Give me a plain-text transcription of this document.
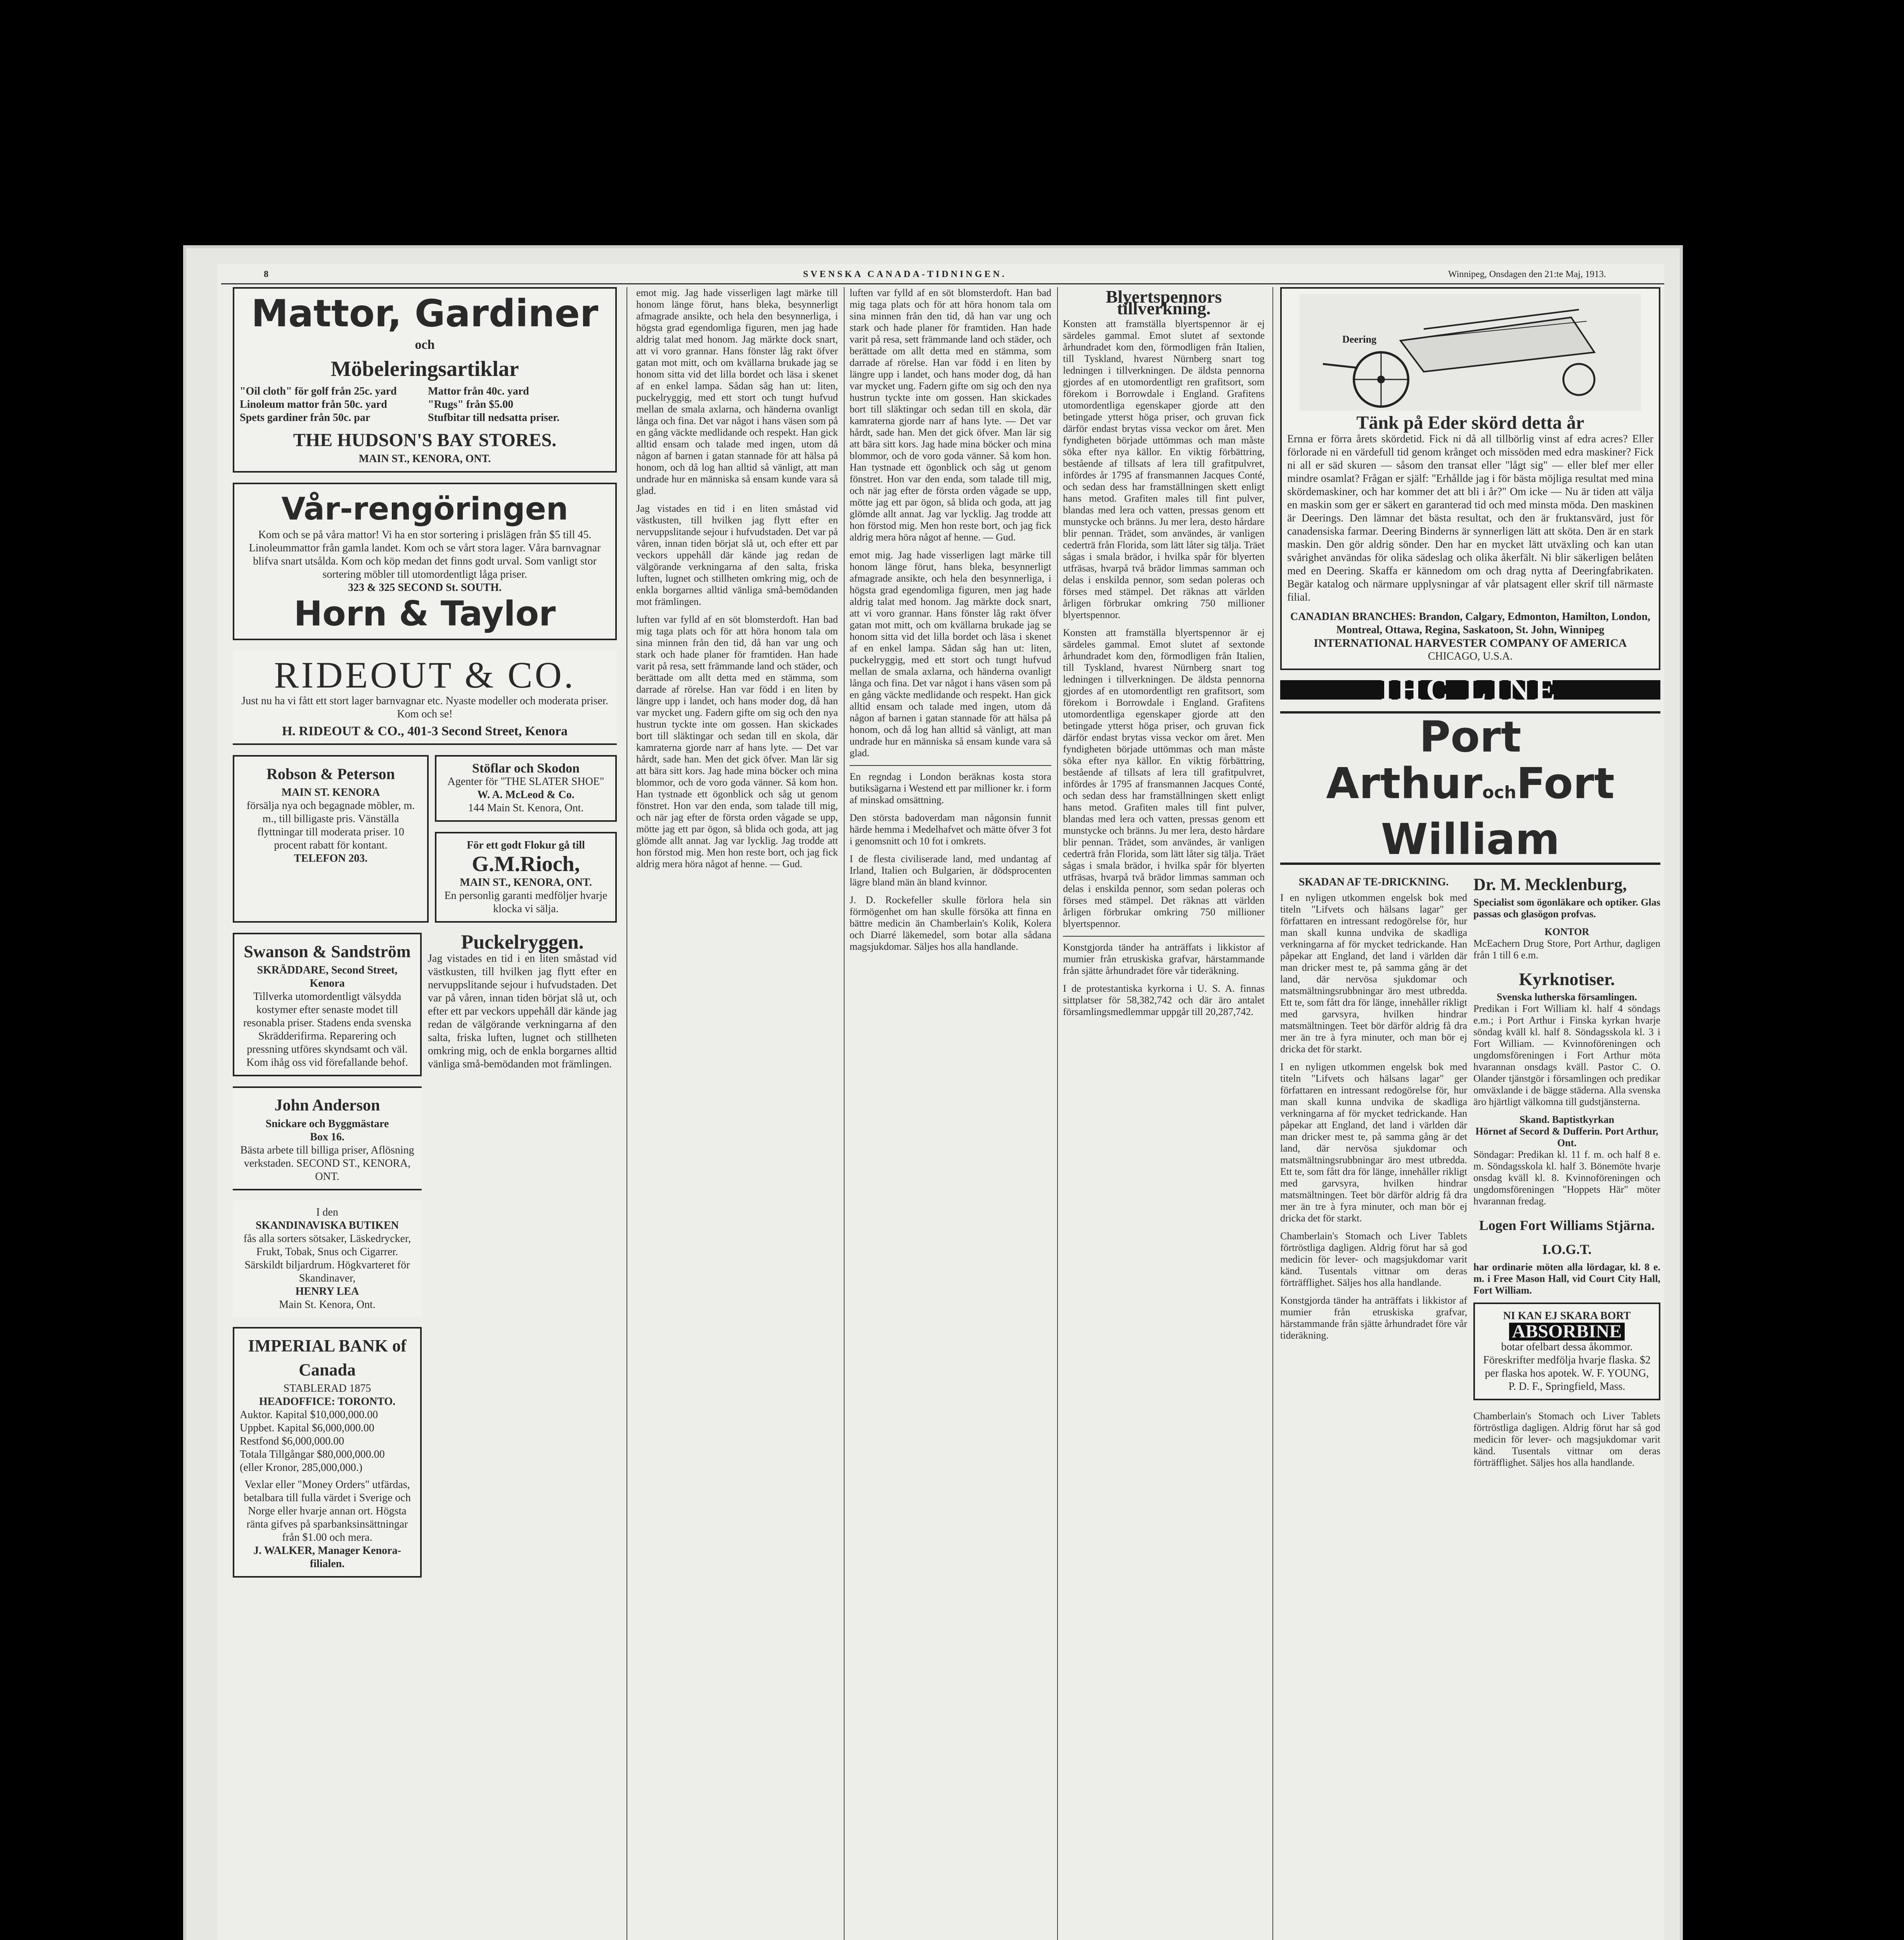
8	SVENSKA CANADA-TIDNINGEN.	Winnipeg, Onsdagen den 21:te Maj, 1913.
Mattor, Gardiner
och
Möbeleringsartiklar
"Oil cloth" för golf från 25c. yard
Linoleum mattor från 50c. yard
Spets gardiner från 50c. par
Mattor från 40c. yard
"Rugs" från $5.00
Stufbitar till nedsatta priser.
THE HUDSON'S BAY STORES.
MAIN ST., KENORA, ONT.
Vår-rengöringen
Kom och se på våra mattor! Vi ha en stor sortering i prislägen från $5 till 45. Linoleummattor från gamla landet. Kom och se vårt stora lager. Våra barnvagnar blifva snart utsålda. Kom och köp medan det finns godt urval. Som vanligt stor sortering möbler till utomordentligt låga priser.
323 & 325 SECOND St. SOUTH.
Horn & Taylor
RIDEOUT & CO.
Just nu ha vi fått ett stort lager barnvagnar etc. Nyaste modeller och moderata priser. Kom och se!
H. RIDEOUT & CO., 401-3 Second Street, Kenora
Robson & Peterson
MAIN ST. KENORA
försälja nya och begagnade möbler, m. m., till billigaste pris. Vänställa flyttningar till moderata priser. 10 procent rabatt för kontant.
TELEFON 203.
Stöflar och Skodon
Agenter för "THE SLATER SHOE"
W. A. McLeod & Co.
144 Main St. Kenora, Ont.
För ett godt Flokur gå till
G.M.Rioch,
MAIN ST., KENORA, ONT.
En personlig garanti medföljer hvarje klocka vi sälja.
Swanson & Sandström
SKRÄDDARE, Second Street, Kenora
Tillverka utomordentligt välsydda kostymer efter senaste modet till resonabla priser. Stadens enda svenska Skrädderifirma. Reparering och pressning utföres skyndsamt och väl. Kom ihåg oss vid förefallande behof.
John Anderson
Snickare och Byggmästare
Box 16.
Bästa arbete till billiga priser, Aflösning verkstaden. SECOND ST., KENORA, ONT.
I den
SKANDINAVISKA BUTIKEN
fås alla sorters sötsaker, Läskedrycker, Frukt, Tobak, Snus och Cigarrer. Särskildt biljardrum. Högkvarteret för Skandinaver,
HENRY LEA
Main St. Kenora, Ont.
IMPERIAL BANK of Canada
STABLERAD 1875
HEADOFFICE: TORONTO.
Auktor. Kapital $10,000,000.00
Uppbet. Kapital $6,000,000.00
Restfond $6,000,000.00
Totala Tillgångar $80,000,000.00
(eller Kronor, 285,000,000.)
Vexlar eller "Money Orders" utfärdas, betalbara till fulla värdet i Sverige och Norge eller hvarje annan ort. Högsta ränta gifves på sparbanksinsättningar från $1.00 och mera.
J. WALKER, Manager Kenora-filialen.
Puckelryggen.

Jag vistades en tid i en liten småstad vid västkusten, till hvilken jag flytt efter en nervuppslitande sejour i hufvudstaden. Det var på våren, innan tiden börjat slå ut, och efter ett par veckors uppehåll där kände jag redan de välgörande verkningarna af den salta, friska luften, lugnet och stillheten omkring mig, och de enkla borgarnes alltid vänliga små-bemödanden mot främlingen.

emot mig. Jag hade visserligen lagt märke till honom länge förut, hans bleka, besynnerligt afmagrade ansikte, och hela den besynnerliga, i högsta grad egendomliga figuren, men jag hade aldrig talat med honom. Jag märkte dock snart, att vi voro grannar. Hans fönster låg rakt öfver gatan mot mitt, och om kvällarna brukade jag se honom sitta vid det lilla bordet och läsa i skenet af en enkel lampa. Sådan såg han ut: liten, puckelryggig, med ett stort och tungt hufvud mellan de smala axlarna, och händerna ovanligt långa och fina. Det var något i hans väsen som på en gång väckte medlidande och respekt. Han gick alltid ensam och talade med ingen, utom då någon af barnen i gatan stannade för att hälsa på honom, och då log han alltid så vänligt, att man undrade hur en människa så ensam kunde vara så glad.

Jag vistades en tid i en liten småstad vid västkusten, till hvilken jag flytt efter en nervuppslitande sejour i hufvudstaden. Det var på våren, innan tiden börjat slå ut, och efter ett par veckors uppehåll där kände jag redan de välgörande verkningarna af den salta, friska luften, lugnet och stillheten omkring mig, och de enkla borgarnes alltid vänliga små-bemödanden mot främlingen.

luften var fylld af en söt blomsterdoft. Han bad mig taga plats och för att höra honom tala om sina minnen från den tid, då han var ung och stark och hade planer för framtiden. Han hade varit på resa, sett främmande land och städer, och berättade om allt detta med en stämma, som darrade af rörelse. Han var född i en liten by längre upp i landet, och hans moder dog, då han var mycket ung. Fadern gifte om sig och den nya hustrun tyckte inte om gossen. Han skickades bort till släktingar och sedan till en skola, där kamraterna gjorde narr af hans lyte. — Det var hårdt, sade han. Men det gick öfver. Man lär sig att bära sitt kors. Jag hade mina böcker och mina blommor, och de voro goda vänner. Så kom hon. Han tystnade ett ögonblick och såg ut genom fönstret. Hon var den enda, som talade till mig, och när jag efter de första orden vågade se upp, mötte jag ett par ögon, så blida och goda, att jag glömde allt annat. Jag var lycklig. Jag trodde att hon förstod mig. Men hon reste bort, och jag fick aldrig mera höra något af henne. — Gud.

luften var fylld af en söt blomsterdoft. Han bad mig taga plats och för att höra honom tala om sina minnen från den tid, då han var ung och stark och hade planer för framtiden. Han hade varit på resa, sett främmande land och städer, och berättade om allt detta med en stämma, som darrade af rörelse. Han var född i en liten by längre upp i landet, och hans moder dog, då han var mycket ung. Fadern gifte om sig och den nya hustrun tyckte inte om gossen. Han skickades bort till släktingar och sedan till en skola, där kamraterna gjorde narr af hans lyte. — Det var hårdt, sade han. Men det gick öfver. Man lär sig att bära sitt kors. Jag hade mina böcker och mina blommor, och de voro goda vänner. Så kom hon. Han tystnade ett ögonblick och såg ut genom fönstret. Hon var den enda, som talade till mig, och när jag efter de första orden vågade se upp, mötte jag ett par ögon, så blida och goda, att jag glömde allt annat. Jag var lycklig. Jag trodde att hon förstod mig. Men hon reste bort, och jag fick aldrig mera höra något af henne. — Gud.

emot mig. Jag hade visserligen lagt märke till honom länge förut, hans bleka, besynnerligt afmagrade ansikte, och hela den besynnerliga, i högsta grad egendomliga figuren, men jag hade aldrig talat med honom. Jag märkte dock snart, att vi voro grannar. Hans fönster låg rakt öfver gatan mot mitt, och om kvällarna brukade jag se honom sitta vid det lilla bordet och läsa i skenet af en enkel lampa. Sådan såg han ut: liten, puckelryggig, med ett stort och tungt hufvud mellan de smala axlarna, och händerna ovanligt långa och fina. Det var något i hans väsen som på en gång väckte medlidande och respekt. Han gick alltid ensam och talade med ingen, utom då någon af barnen i gatan stannade för att hälsa på honom, och då log han alltid så vänligt, att man undrade hur en människa så ensam kunde vara så glad.

En regndag i London beräknas kosta stora butiksägarna i Westend ett par millioner kr. i form af minskad omsättning.

Den största badoverdam man någonsin funnit härde hemma i Medelhafvet och mätte öfver 3 fot i genomsnitt och 10 fot i omkrets.

I de flesta civiliserade land, med undantag af Irland, Italien och Bulgarien, är dödsprocenten lägre bland män än bland kvinnor.

J. D. Rockefeller skulle förlora hela sin förmögenhet om han skulle försöka att finna en bättre medicin än Chamberlain's Kolik, Kolera och Diarré läkemedel, som botar alla sådana magsjukdomar. Säljes hos alla handlande.

Blyertspennors tillverkning.

Konsten att framställa blyertspennor är ej särdeles gammal. Emot slutet af sextonde århundradet kom den, förmodligen från Italien, till Tyskland, hvarest Nürnberg snart tog ledningen i tillverkningen. De äldsta pennorna gjordes af en utomordentligt ren grafitsort, som förekom i Borrowdale i England. Grafitens utomordentliga egenskaper gjorde att den betingade ytterst höga priser, och gruvan fick därför endast brytas vissa veckor om året. Men fyndigheten började uttömmas och man måste söka efter nya källor. En viktig förbättring, bestående af tillsats af lera till grafitpulvret, infördes år 1795 af fransmannen Jacques Conté, och sedan dess har framställningen skett enligt hans metod. Grafiten males till fint pulver, blandas med lera och vatten, pressas genom ett munstycke och bränns. Ju mer lera, desto hårdare blir pennan. Trädet, som användes, är vanligen cederträ från Florida, som lätt låter sig tälja. Träet sågas i smala brädor, i hvilka spår för blyerten utfräsas, hvarpå två brädor limmas samman och delas i enskilda pennor, som sedan poleras och förses med stämpel. Det räknas att världen årligen förbrukar omkring 750 millioner blyertspennor.

Konsten att framställa blyertspennor är ej särdeles gammal. Emot slutet af sextonde århundradet kom den, förmodligen från Italien, till Tyskland, hvarest Nürnberg snart tog ledningen i tillverkningen. De äldsta pennorna gjordes af en utomordentligt ren grafitsort, som förekom i Borrowdale i England. Grafitens utomordentliga egenskaper gjorde att den betingade ytterst höga priser, och gruvan fick därför endast brytas vissa veckor om året. Men fyndigheten började uttömmas och man måste söka efter nya källor. En viktig förbättring, bestående af tillsats af lera till grafitpulvret, infördes år 1795 af fransmannen Jacques Conté, och sedan dess har framställningen skett enligt hans metod. Grafiten males till fint pulver, blandas med lera och vatten, pressas genom ett munstycke och bränns. Ju mer lera, desto hårdare blir pennan. Trädet, som användes, är vanligen cederträ från Florida, som lätt låter sig tälja. Träet sågas i smala brädor, i hvilka spår för blyerten utfräsas, hvarpå två brädor limmas samman och delas i enskilda pennor, som sedan poleras och förses med stämpel. Det räknas att världen årligen förbrukar omkring 750 millioner blyertspennor.

Konstgjorda tänder ha anträffats i likkistor af mumier från etruskiska grafvar, härstammande från sjätte århundradet före vår tideräkning.

I de protestantiska kyrkorna i U. S. A. finnas sittplatser för 58,382,742 och där äro antalet församlingsmedlemmar uppgår till 20,287,742.

Deering
Tänk på Eder skörd detta år

Ernna er förra årets skördetid. Fick ni då all tillbörlig vinst af edra acres? Eller förlorade ni en värdefull tid genom krånget och missöden med edra maskiner? Fick ni all er säd skuren — såsom den transat eller "lågt sig" — eller blef mer eller mindre osamlat? Frågan er själf: "Erhållde jag i för bästa möjliga resultat med mina skördemaskiner, och har kommer det att bli i år?" Om icke — Nu är tiden att välja en maskin som ger er säkert en garanterad tid och med minsta möda. Den maskinen är Deerings. Den lämnar det bästa resultat, och den är fruktansvärd, just för canadensiska farmar. Deering Binderns är synnerligen lätt att sköta. Den är en stark maskin. Den gör aldrig sönder. Den har en mycket lätt utväxling och kan utan svårighet användas för olika sädeslag och olika åkerfält. Ni blir säkerligen belåten med en Deering. Skaffa er kännedom om och drag nytta af Deeringfabrikaten. Begär katalog och närmare upplysningar af vår platsagent eller skrif till närmaste filial.

CANADIAN BRANCHES: Brandon, Calgary, Edmonton, Hamilton, London, Montreal, Ottawa, Regina, Saskatoon, St. John, Winnipeg
INTERNATIONAL HARVESTER COMPANY OF AMERICA
CHICAGO, U.S.A.
IHC LINE
Port ArthurochFort William
SKADAN AF TE-DRICKNING.

I en nyligen utkommen engelsk bok med titeln "Lifvets och hälsans lagar" ger författaren en intressant redogörelse för, hur man skall kunna undvika de skadliga verkningarna af för mycket tedrickande. Han påpekar att England, det land i världen där man dricker mest te, på samma gång är det land, där nervösa sjukdomar och matsmältningsrubbningar äro mest utbredda. Ett te, som fått dra för länge, innehåller rikligt med garvsyra, hvilken hindrar matsmältningen. Teet bör därför aldrig få dra mer än tre à fyra minuter, och man bör ej dricka det för starkt.

I en nyligen utkommen engelsk bok med titeln "Lifvets och hälsans lagar" ger författaren en intressant redogörelse för, hur man skall kunna undvika de skadliga verkningarna af för mycket tedrickande. Han påpekar att England, det land i världen där man dricker mest te, på samma gång är det land, där nervösa sjukdomar och matsmältningsrubbningar äro mest utbredda. Ett te, som fått dra för länge, innehåller rikligt med garvsyra, hvilken hindrar matsmältningen. Teet bör därför aldrig få dra mer än tre à fyra minuter, och man bör ej dricka det för starkt.

Chamberlain's Stomach och Liver Tablets förtröstliga dagligen. Aldrig förut har så god medicin för lever- och magsjukdomar varit känd. Tusentals vittnar om deras förträfflighet. Säljes hos alla handlande.

Konstgjorda tänder ha anträffats i likkistor af mumier från etruskiska grafvar, härstammande från sjätte århundradet före vår tideräkning.

Dr. M. Mecklenburg,

Specialist som ögonläkare och optiker. Glas passas och glasögon profvas.

KONTOR

McEachern Drug Store, Port Arthur, dagligen från 1 till 6 e.m.

Kyrknotiser.
Svenska lutherska församlingen.

Predikan i Fort William kl. half 4 söndags e.m.; i Port Arthur i Finska kyrkan hvarje söndag kväll kl. half 8. Söndagsskola kl. 3 i Fort William. — Kvinnoföreningen och ungdomsföreningen i Fort Arthur möta hvarannan onsdags kväll. Pastor C. O. Olander tjänstgör i församlingen och predikar omväxlande i de bägge städerna. Alla svenska äro hjärtligt välkomna till gudstjänsterna.

Skand. Baptistkyrkan
Hörnet af Secord & Dufferin. Port Arthur, Ont.

Söndagar: Predikan kl. 11 f. m. och half 8 e. m. Söndagsskola kl. half 3. Bönemöte hvarje onsdag kväll kl. 8. Kvinnoföreningen och ungdomsföreningen "Hoppets Här" möter hvarannan fredag.

Logen Fort Williams Stjärna. I.O.G.T.

har ordinarie möten alla lördagar, kl. 8 e. m. i Free Mason Hall, vid Court City Hall, Fort William.

NI KAN EJ SKARA BORT
ABSORBINE
botar ofelbart dessa åkommor. Föreskrifter medfölja hvarje flaska. $2 per flaska hos apotek. W. F. YOUNG, P. D. F., Springfield, Mass.

Chamberlain's Stomach och Liver Tablets förtröstliga dagligen. Aldrig förut har så god medicin för lever- och magsjukdomar varit känd. Tusentals vittnar om deras förträfflighet. Säljes hos alla handlande.
